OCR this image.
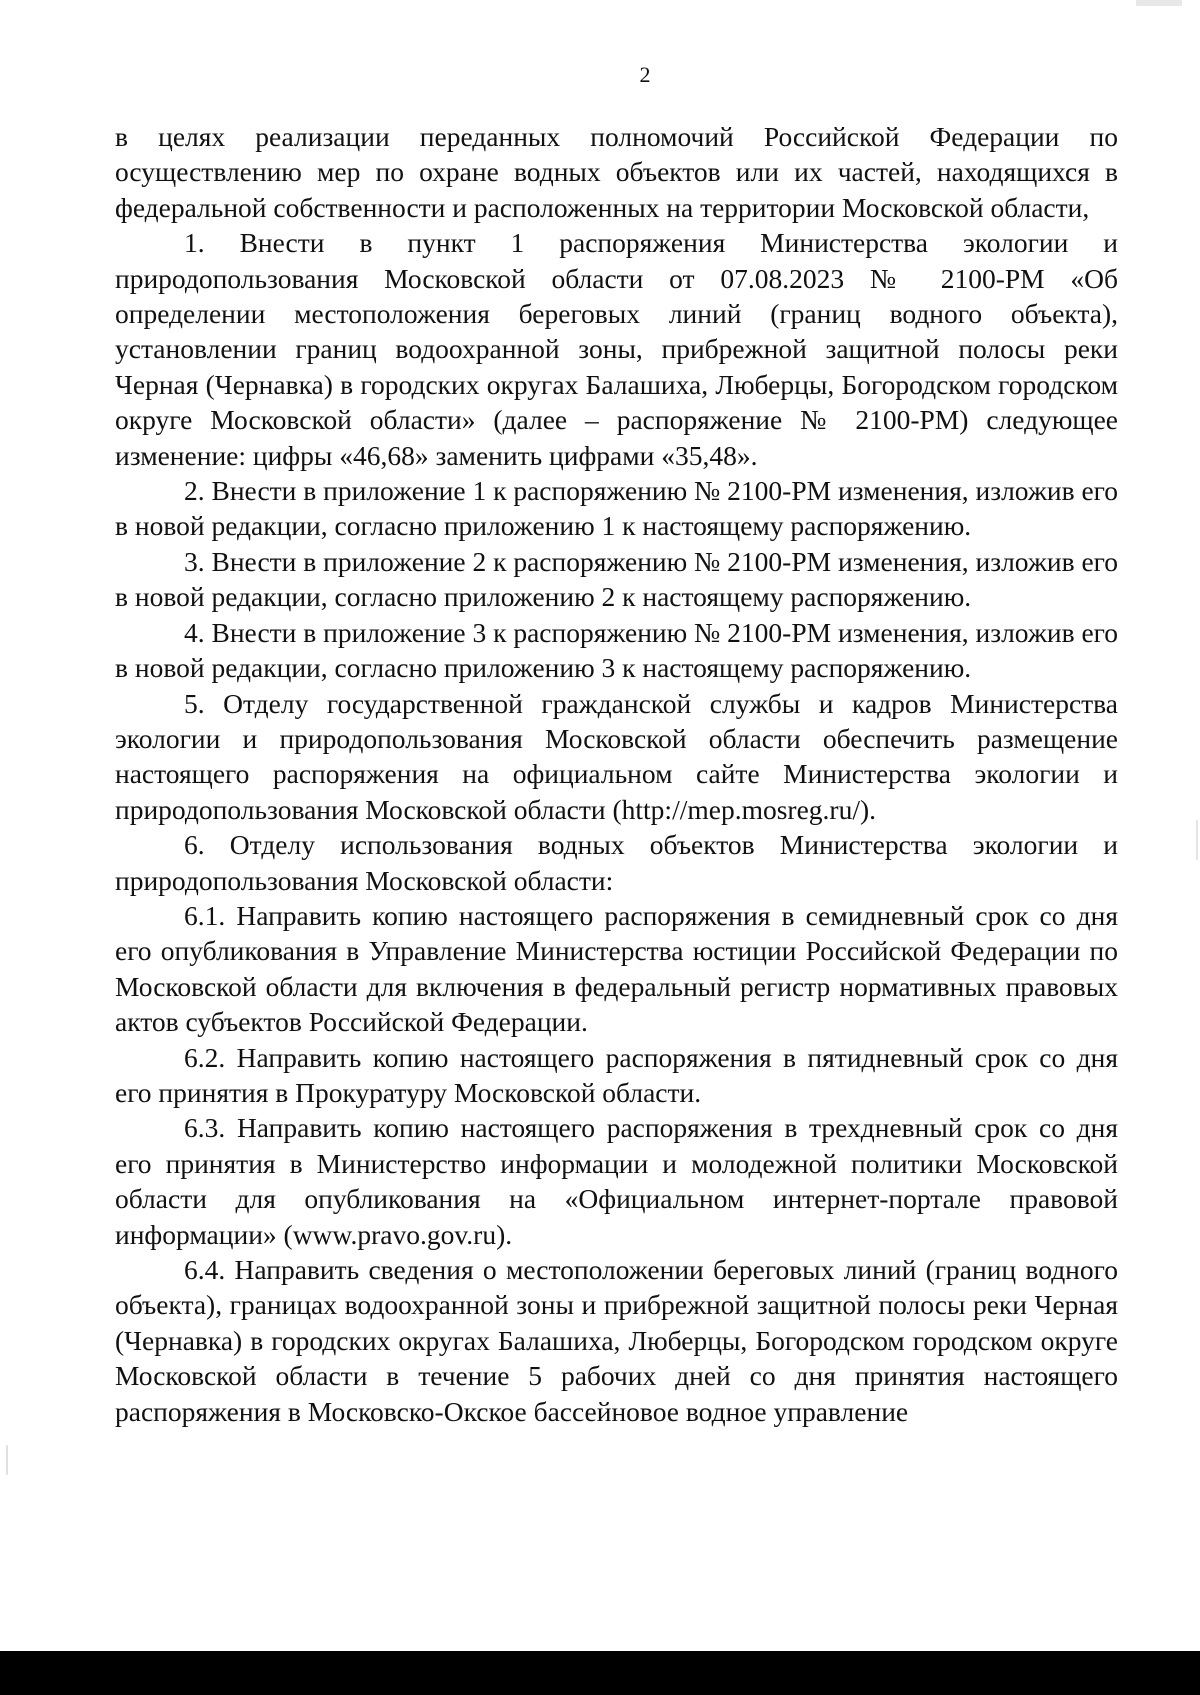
2

в целях реализации переданных полномочий Российской Федерации по осуществлению мер по охране водных объектов или их частей, находящихся в федеральной собственности и расположенных на территории Московской области,

1. Внести в пункт 1 распоряжения Министерства экологии и природопользования Московской области от 07.08.2023 № 2100-РМ «Об определении местоположения береговых линий (границ водного объекта), установлении границ водоохранной зоны, прибрежной защитной полосы реки Черная (Чернавка) в городских округах Балашиха, Люберцы, Богородском городском округе Московской области» (далее – распоряжение № 2100-РМ) следующее изменение: цифры «46,68» заменить цифрами «35,48».

2. Внести в приложение 1 к распоряжению № 2100-РМ изменения, изложив его в новой редакции, согласно приложению 1 к настоящему распоряжению.

3. Внести в приложение 2 к распоряжению № 2100-РМ изменения, изложив его в новой редакции, согласно приложению 2 к настоящему распоряжению.

4. Внести в приложение 3 к распоряжению № 2100-РМ изменения, изложив его в новой редакции, согласно приложению 3 к настоящему распоряжению.

5. Отделу государственной гражданской службы и кадров Министерства экологии и природопользования Московской области обеспечить размещение настоящего распоряжения на официальном сайте Министерства экологии и природопользования Московской области (http://mep.mosreg.ru/).

6. Отделу использования водных объектов Министерства экологии и природопользования Московской области:

6.1. Направить копию настоящего распоряжения в семидневный срок со дня его опубликования в Управление Министерства юстиции Российской Федерации по Московской области для включения в федеральный регистр нормативных правовых актов субъектов Российской Федерации.

6.2. Направить копию настоящего распоряжения в пятидневный срок со дня его принятия в Прокуратуру Московской области.

6.3. Направить копию настоящего распоряжения в трехдневный срок со дня его принятия в Министерство информации и молодежной политики Московской области для опубликования на «Официальном интернет-портале правовой информации» (www.pravo.gov.ru).

6.4. Направить сведения о местоположении береговых линий (границ водного объекта), границах водоохранной зоны и прибрежной защитной полосы реки Черная (Чернавка) в городских округах Балашиха, Люберцы, Богородском городском округе Московской области в течение 5 рабочих дней со дня принятия настоящего распоряжения в Московско-Окское бассейновое водное управление
